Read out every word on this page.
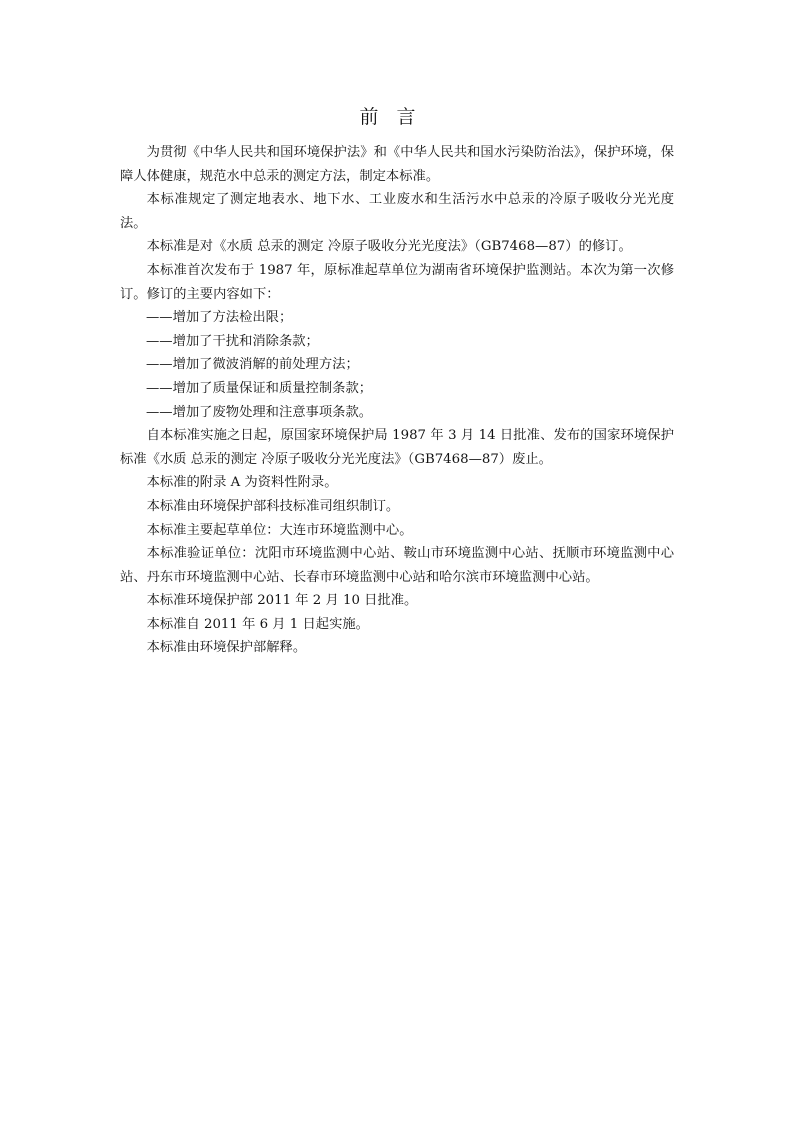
前言

为贯彻《中华人民共和国环境保护法》和《中华人民共和国水污染防治法》，保护环境，保障人体健康，规范水中总汞的测定方法，制定本标准。

本标准规定了测定地表水、地下水、工业废水和生活污水中总汞的冷原子吸收分光光度法。

本标准是对《水质 总汞的测定 冷原子吸收分光光度法》（GB7468—87）的修订。

本标准首次发布于 1987 年，原标准起草单位为湖南省环境保护监测站。本次为第一次修订。修订的主要内容如下：

——增加了方法检出限；

——增加了干扰和消除条款；

——增加了微波消解的前处理方法；

——增加了质量保证和质量控制条款；

——增加了废物处理和注意事项条款。

自本标准实施之日起，原国家环境保护局 1987 年 3 月 14 日批准、发布的国家环境保护标准《水质 总汞的测定 冷原子吸收分光光度法》（GB7468—87）废止。

本标准的附录 A 为资料性附录。

本标准由环境保护部科技标准司组织制订。

本标准主要起草单位：大连市环境监测中心。

本标准验证单位：沈阳市环境监测中心站、鞍山市环境监测中心站、抚顺市环境监测中心站、丹东市环境监测中心站、长春市环境监测中心站和哈尔滨市环境监测中心站。

本标准环境保护部 2011 年 2 月 10 日批准。

本标准自 2011 年 6 月 1 日起实施。

本标准由环境保护部解释。
